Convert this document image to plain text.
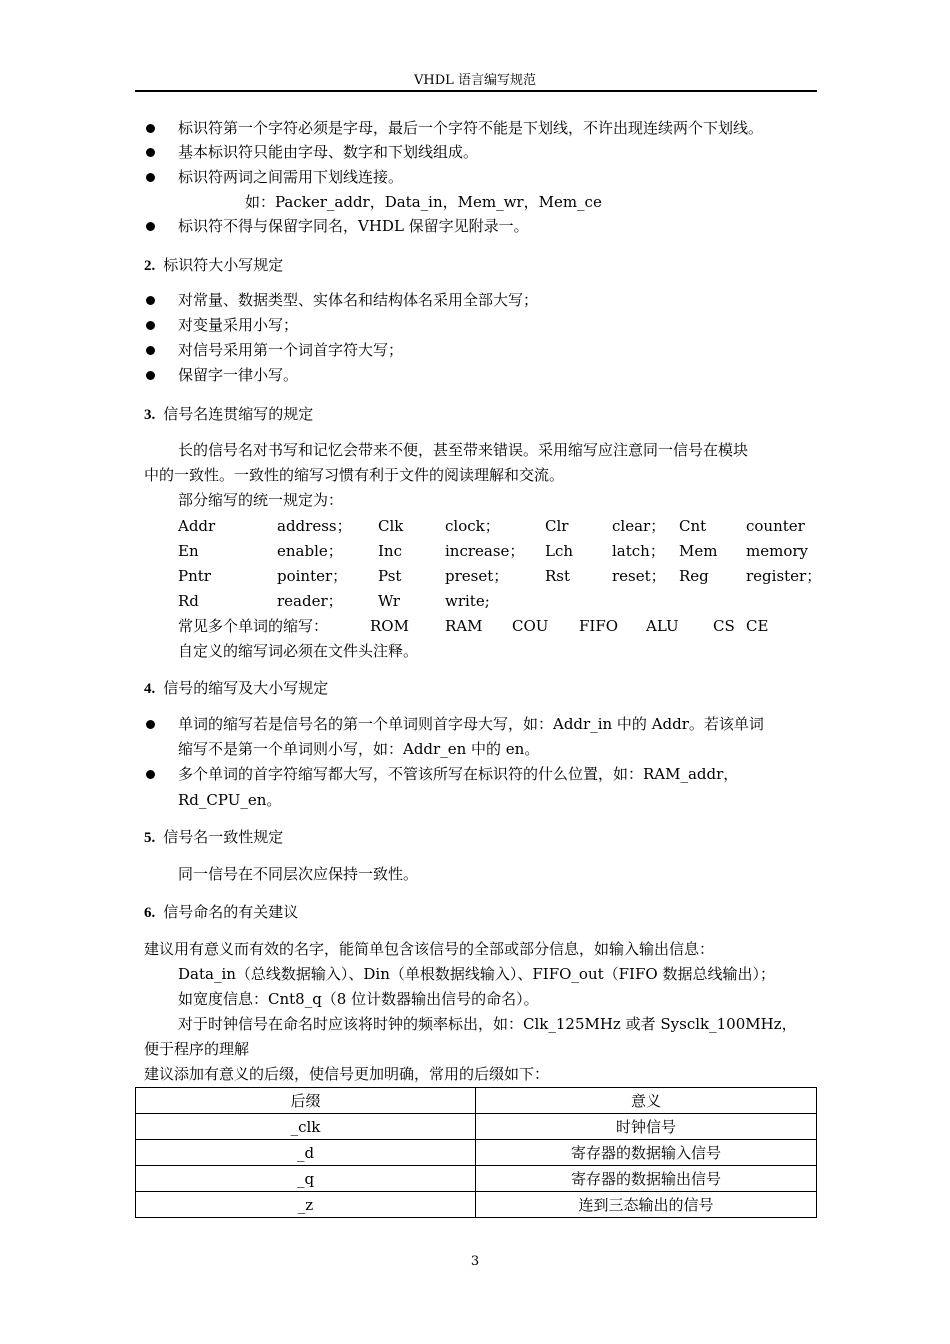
VHDL 语言编写规范
标识符第一个字符必须是字母，最后一个字符不能是下划线，不许出现连续两个下划线。
基本标识符只能由字母、数字和下划线组成。
标识符两词之间需用下划线连接。
如：Packer_addr，Data_in，Mem_wr，Mem_ce
标识符不得与保留字同名，VHDL 保留字见附录一。
2. 标识符大小写规定
对常量、数据类型、实体名和结构体名采用全部大写；
对变量采用小写；
对信号采用第一个词首字符大写；
保留字一律小写。
3. 信号名连贯缩写的规定
长的信号名对书写和记忆会带来不便，甚至带来错误。采用缩写应注意同一信号在模块
中的一致性。一致性的缩写习惯有利于文件的阅读理解和交流。
部分缩写的统一规定为：
Addr	address； Clk	clock；	Clr	clear； Cnt	counter
En	enable； Inc	increase； Lch	latch； Mem memory
Pntr	pointer； Pst	preset； Rst	reset； Reg register；
Rd	reader； Wr	write;
常见多个单词的缩写：	ROM RAM COU FIFO ALU CS CE
自定义的缩写词必须在文件头注释。
4. 信号的缩写及大小写规定
单词的缩写若是信号名的第一个单词则首字母大写，如：Addr_in 中的 Addr。若该单词
缩写不是第一个单词则小写，如：Addr_en 中的 en。
多个单词的首字符缩写都大写，不管该所写在标识符的什么位置，如：RAM_addr，
Rd_CPU_en。
5. 信号名一致性规定
同一信号在不同层次应保持一致性。
6. 信号命名的有关建议
建议用有意义而有效的名字，能简单包含该信号的全部或部分信息，如输入输出信息：
Data_in（总线数据输入）、Din（单根数据线输入）、FIFO_out（FIFO 数据总线输出）；
如宽度信息：Cnt8_q（8 位计数器输出信号的命名）。
对于时钟信号在命名时应该将时钟的频率标出，如：Clk_125MHz 或者 Sysclk_100MHz，
便于程序的理解
建议添加有意义的后缀，使信号更加明确，常用的后缀如下：
后缀	意义
_clk	时钟信号
_d	寄存器的数据输入信号
_q	寄存器的数据输出信号
_z	连到三态输出的信号
3
